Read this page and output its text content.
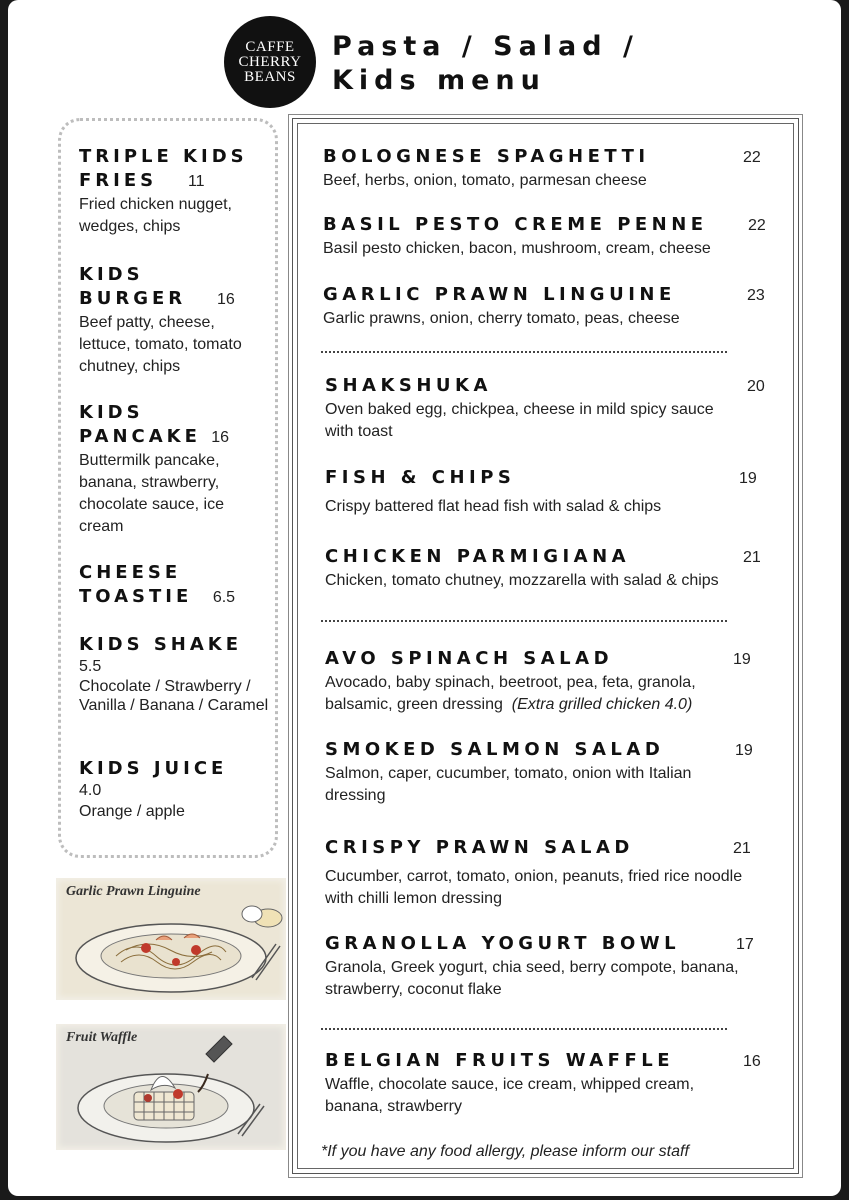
CAFFE
CHERRY
BEANS
Pasta / Salad /
Kids menu
TRIPLE KIDS
FRIES 11
Fried chicken nugget, wedges, chips
KIDS
BURGER 16
Beef patty, cheese, lettuce, tomato, tomato chutney, chips
KIDS
PANCAKE 16
Buttermilk pancake, banana, strawberry, chocolate sauce, ice cream
CHEESE
TOASTIE 6.5
KIDS SHAKE
5.5
Chocolate / Strawberry / Vanilla / Banana / Caramel
KIDS JUICE
4.0
Orange / apple
Garlic Prawn Linguine
Fruit Waffle
BOLOGNESE SPAGHETTI	22
Beef, herbs, onion, tomato, parmesan cheese
BASIL PESTO CREME PENNE	22
Basil pesto chicken, bacon, mushroom, cream, cheese
GARLIC PRAWN LINGUINE	23
Garlic prawns, onion, cherry tomato, peas, cheese
SHAKSHUKA	20
Oven baked egg, chickpea, cheese in mild spicy sauce with toast
FISH & CHIPS	19
Crispy battered flat head fish with salad & chips
CHICKEN PARMIGIANA	21
Chicken, tomato chutney, mozzarella with salad & chips
AVO SPINACH SALAD	19
Avocado, baby spinach, beetroot, pea, feta, granola, balsamic, green dressing (Extra grilled chicken 4.0)
SMOKED SALMON SALAD	19
Salmon, caper, cucumber, tomato, onion with Italian dressing
CRISPY PRAWN SALAD	21
Cucumber, carrot, tomato, onion, peanuts, fried rice noodle with chilli lemon dressing
GRANOLLA YOGURT BOWL	17
Granola, Greek yogurt, chia seed, berry compote, banana, strawberry, coconut flake
BELGIAN FRUITS WAFFLE	16
Waffle, chocolate sauce, ice cream, whipped cream, banana, strawberry
*If you have any food allergy, please inform our staff
